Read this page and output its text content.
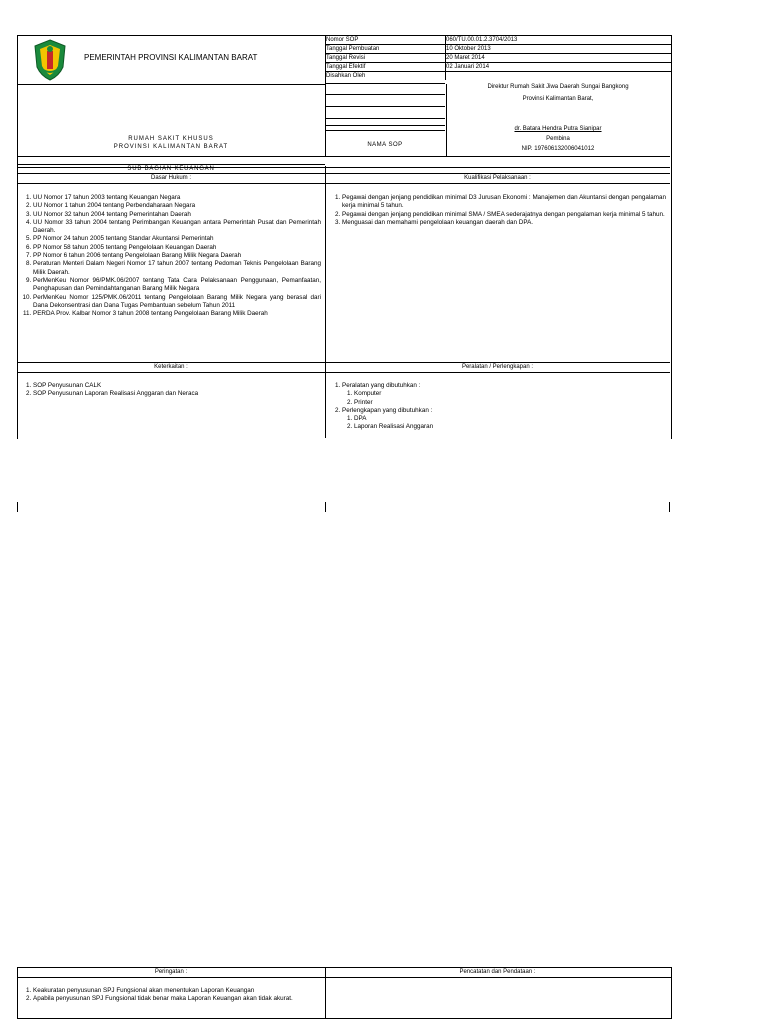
PEMERINTAH PROVINSI KALIMANTAN BARAT
Nomor SOP	060/TU.00.01.2.3704/2013
Tanggal Pembuatan	10 Oktober 2013
Tanggal Revisi	20 Maret 2014
Tanggal Efektif	02 Januari 2014
Disahkan Oleh
Direktur Rumah Sakit Jiwa Daerah Sungai Bangkong
Provinsi Kalimantan Barat,
dr. Batara Hendra Putra Sianipar
Pembina
NIP. 197606132006041012
RUMAH SAKIT KHUSUS
PROVINSI KALIMANTAN BARAT	NAMA SOP
SUB BAGIAN KEUANGAN
Dasar Hukum :	Kualifikasi Pelaksanaan :
1. UU Nomor 17 tahun 2003 tentang Keuangan Negara
2. UU Nomor 1 tahun 2004 tentang Perbendaharaan Negara
3. UU Nomor 32 tahun 2004 tentang Pemerintahan Daerah
4. UU Nomor 33 tahun 2004 tentang Perimbangan Keuangan antara Pemerintah Pusat dan Pemerintah Daerah.
5. PP Nomor 24 tahun 2005 tentang Standar Akuntansi Pemerintah
6. PP Nomor 58 tahun 2005 tentang Pengelolaan Keuangan Daerah
7. PP Nomor 6 tahun 2006 tentang Pengelolaan Barang Milik Negara Daerah
8. Peraturan Menteri Dalam Negeri Nomor 17 tahun 2007 tentang Pedoman Teknis Pengelolaan Barang Milik Daerah.
9. PerMenKeu Nomor 96/PMK.06/2007 tentang Tata Cara Pelaksanaan Penggunaan, Pemanfaatan, Penghapusan dan Pemindahtanganan Barang Milik Negara
10. PerMenKeu Nomor 125/PMK.06/2011 tentang Pengelolaan Barang Milik Negara yang berasal dari Dana Dekonsentrasi dan Dana Tugas Pembantuan sebelum Tahun 2011
11. PERDA Prov. Kalbar Nomor 3 tahun 2008 tentang Pengelolaan Barang Milik Daerah
1. Pegawai dengan jenjang pendidikan minimal D3 Jurusan Ekonomi : Manajemen dan Akuntansi dengan pengalaman kerja minimal 5 tahun.
2. Pegawai dengan jenjang pendidikan minimal SMA / SMEA sederajatnya dengan pengalaman kerja minimal 5 tahun.
3. Menguasai dan memahami pengelolaan keuangan daerah dan DPA.
Keterkaitan :	Peralatan / Perlengkapan :
1. SOP Penyusunan CALK
2. SOP Penyusunan Laporan Realisasi Anggaran dan Neraca
1. Peralatan yang dibutuhkan :
1. Komputer
2. Printer
2. Perlengkapan yang dibutuhkan :
1. DPA
2. Laporan Realisasi Anggaran
Peringatan :	Pencatatan dan Pendataan :
1. Keakuratan penyusunan SPJ Fungsional akan menentukan Laporan Keuangan
2. Apabila penyusunan SPJ Fungsional tidak benar maka Laporan Keuangan akan tidak akurat.
